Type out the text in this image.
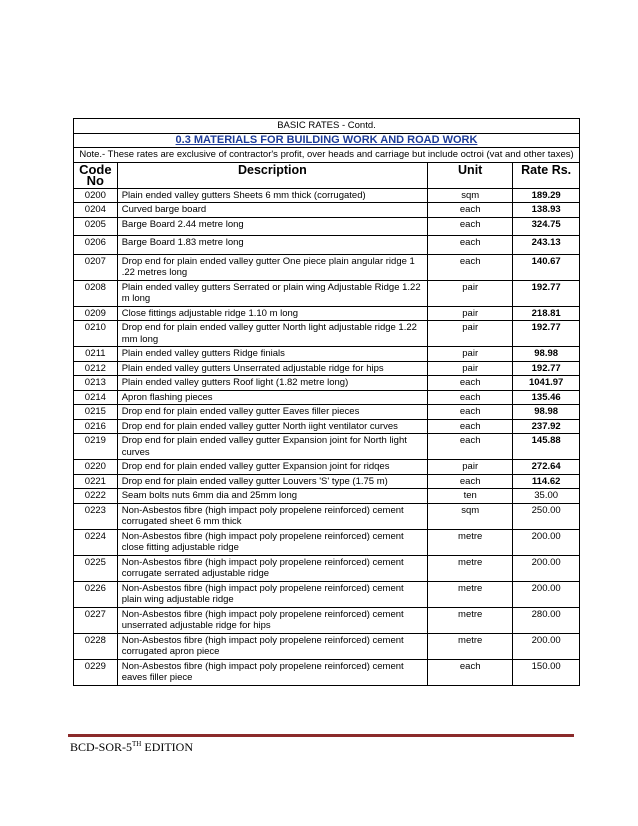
BASIC RATES - Contd.			
0.3 MATERIALS FOR BUILDING WORK AND ROAD WORK			
Note.- These rates are exclusive of contractor's profit, over heads and carriage but include octroi (vat and other taxes)			
Code No	Description	Unit	Rate Rs.
0200	Plain ended valley gutters Sheets 6 mm thick (corrugated)	sqm	189.29
0204	Curved barge board	each	138.93
0205	Barge Board 2.44 metre long	each	324.75
0206	Barge Board 1.83 metre long	each	243.13
0207	Drop end for plain ended valley gutter One piece plain angular ridge 1 .22 metres long	each	140.67
0208	Plain ended valley gutters Serrated or plain wing Adjustable Ridge 1.22 m long	pair	192.77
0209	Close fittings adjustable ridge 1.10 m long	pair	218.81
0210	Drop end for plain ended valley gutter North light adjustable ridge 1.22 mm long	pair	192.77
0211	Plain ended valley gutters Ridge finials	pair	98.98
0212	Plain ended valley gutters Unserrated adjustable ridge for hips	pair	192.77
0213	Plain ended valley gutters Roof light (1.82 metre long)	each	1041.97
0214	Apron flashing pieces	each	135.46
0215	Drop end for plain ended valley gutter Eaves filler pieces	each	98.98
0216	Drop end for plain ended valley gutter North iight ventilator curves	each	237.92
0219	Drop end for plain ended valley gutter Expansion joint for North light curves	each	145.88
0220	Drop end for plain ended valley gutter Expansion joint for ridqes	pair	272.64
0221	Drop end for plain ended valley gutter Louvers 'S' type (1.75 m)	each	114.62
0222	Seam bolts nuts 6mm dia and 25mm long	ten	35.00
0223	Non-Asbestos fibre (high impact poly propelene reinforced) cement corrugated sheet 6 mm thick	sqm	250.00
0224	Non-Asbestos fibre (high impact poly propelene reinforced) cement close fitting adjustable ridge	metre	200.00
0225	Non-Asbestos fibre (high impact poly propelene reinforced) cement corrugate serrated adjustable ridge	metre	200.00
0226	Non-Asbestos fibre (high impact poly propelene reinforced) cement plain wing adjustable ridge	metre	200.00
0227	Non-Asbestos fibre (high impact poly propelene reinforced) cement unserrated adjustable ridge for hips	metre	280.00
0228	Non-Asbestos fibre (high impact poly propelene reinforced) cement corrugated apron piece	metre	200.00
0229	Non-Asbestos fibre (high impact poly propelene reinforced) cement eaves filler piece	each	150.00
BCD-SOR-5TH EDITION
